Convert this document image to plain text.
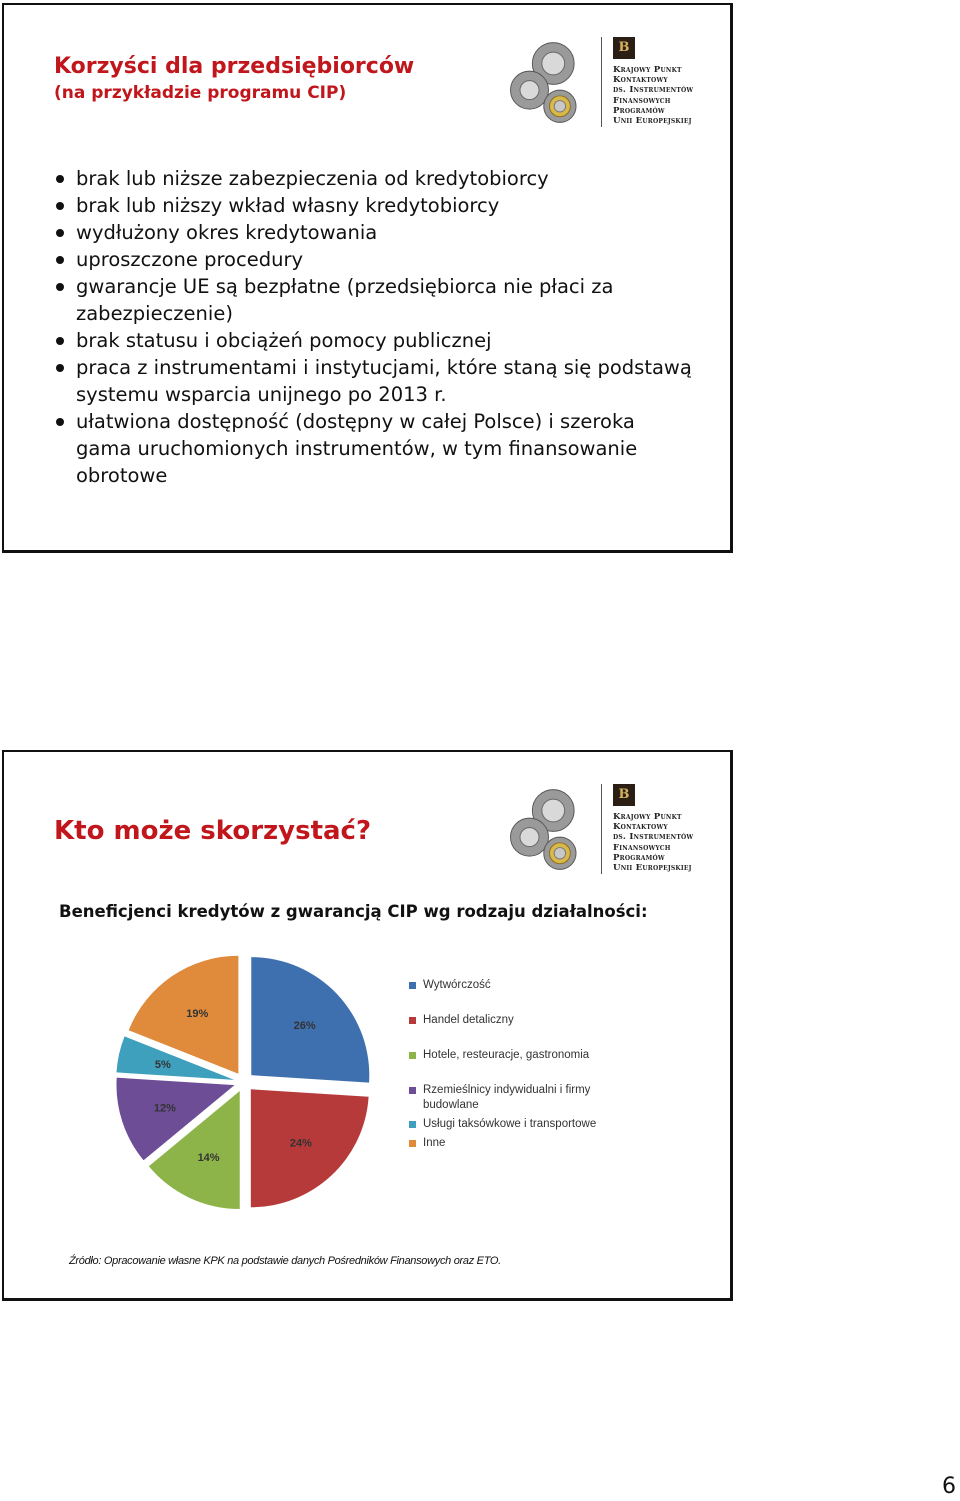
Korzyści dla przedsiębiorców
(na przykładzie programu CIP)
B
Krajowy Punkt
Kontaktowy
ds. Instrumentów
Finansowych
Programów
Unii Europejskiej
brak lub niższe zabezpieczenia od kredytobiorcy
brak lub niższy wkład własny kredytobiorcy
wydłużony okres kredytowania
uproszczone procedury
gwarancje UE są bezpłatne (przedsiębiorca nie płaci za zabezpieczenie)
brak statusu i obciążeń pomocy publicznej
praca z instrumentami i instytucjami, które staną się podstawą systemu wsparcia unijnego po 2013 r.
ułatwiona dostępność (dostępny w całej Polsce) i szeroka gama uruchomionych instrumentów, w tym finansowanie obrotowe
Kto może skorzystać?
B
Krajowy Punkt
Kontaktowy
ds. Instrumentów
Finansowych
Programów
Unii Europejskiej

Beneficjenci kredytów z gwarancją CIP wg rodzaju działalności:

26%
24%
14%
12%
5%
19%
Wytwórczość
Handel detaliczny
Hotele, resteuracje, gastronomia
Rzemieślnicy indywidualni i firmy budowlane
Usługi taksówkowe i transportowe
Inne
Źródło: Opracowanie własne KPK na podstawie danych Pośredników Finansowych oraz ETO.
6
